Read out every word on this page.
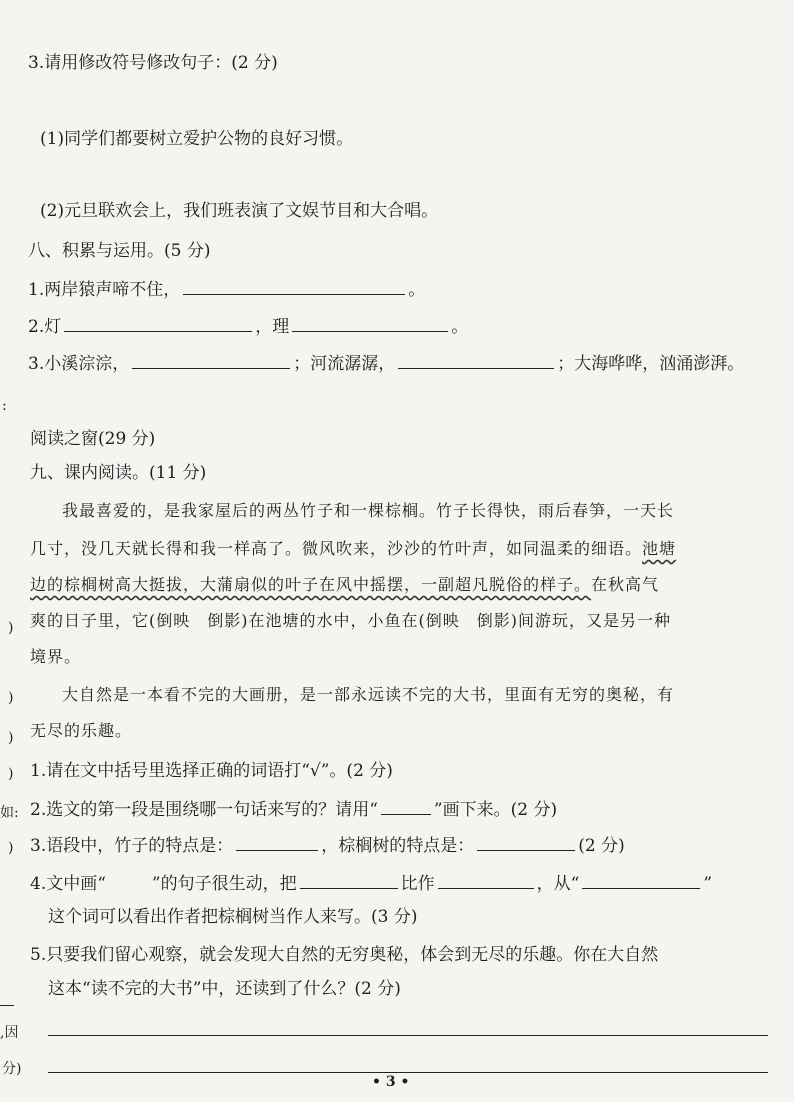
3.请用修改符号修改句子：(2 分)
(1)同学们都要树立爱护公物的良好习惯。
(2)元旦联欢会上，我们班表演了文娱节目和大合唱。
八、积累与运用。(5 分)
1.两岸猿声啼不住，	。
2.灯	，理	。
3.小溪淙淙，	；河流潺潺，	；大海哗哗，汹涌澎湃。
阅读之窗(29 分)
九、课内阅读。(11 分)
我最喜爱的，是我家屋后的两丛竹子和一棵棕榈。竹子长得快，雨后春笋，一天长
几寸，没几天就长得和我一样高了。微风吹来，沙沙的竹叶声，如同温柔的细语。池塘
边的棕榈树高大挺拔，大蒲扇似的叶子在风中摇摆，一副超凡脱俗的样子。在秋高气
爽的日子里，它(倒映　倒影)在池塘的水中，小鱼在(倒映　倒影)间游玩，又是另一种
境界。
大自然是一本看不完的大画册，是一部永远读不完的大书，里面有无穷的奥秘，有
无尽的乐趣。
1.请在文中括号里选择正确的词语打“√”。(2 分)
2.选文的第一段是围绕哪一句话来写的？请用“	”画下来。(2 分)
3.语段中，竹子的特点是：	，棕榈树的特点是：	(2 分)
4.文中画“	”的句子很生动，把	比作	，从“	”
这个词可以看出作者把棕榈树当作人来写。(3 分)
5.只要我们留心观察，就会发现大自然的无穷奥秘，体会到无尽的乐趣。你在大自然
这本“读不完的大书”中，还读到了什么？(2 分)
:
)
)
)
)
如:
)
,因
分)
• 3 •
